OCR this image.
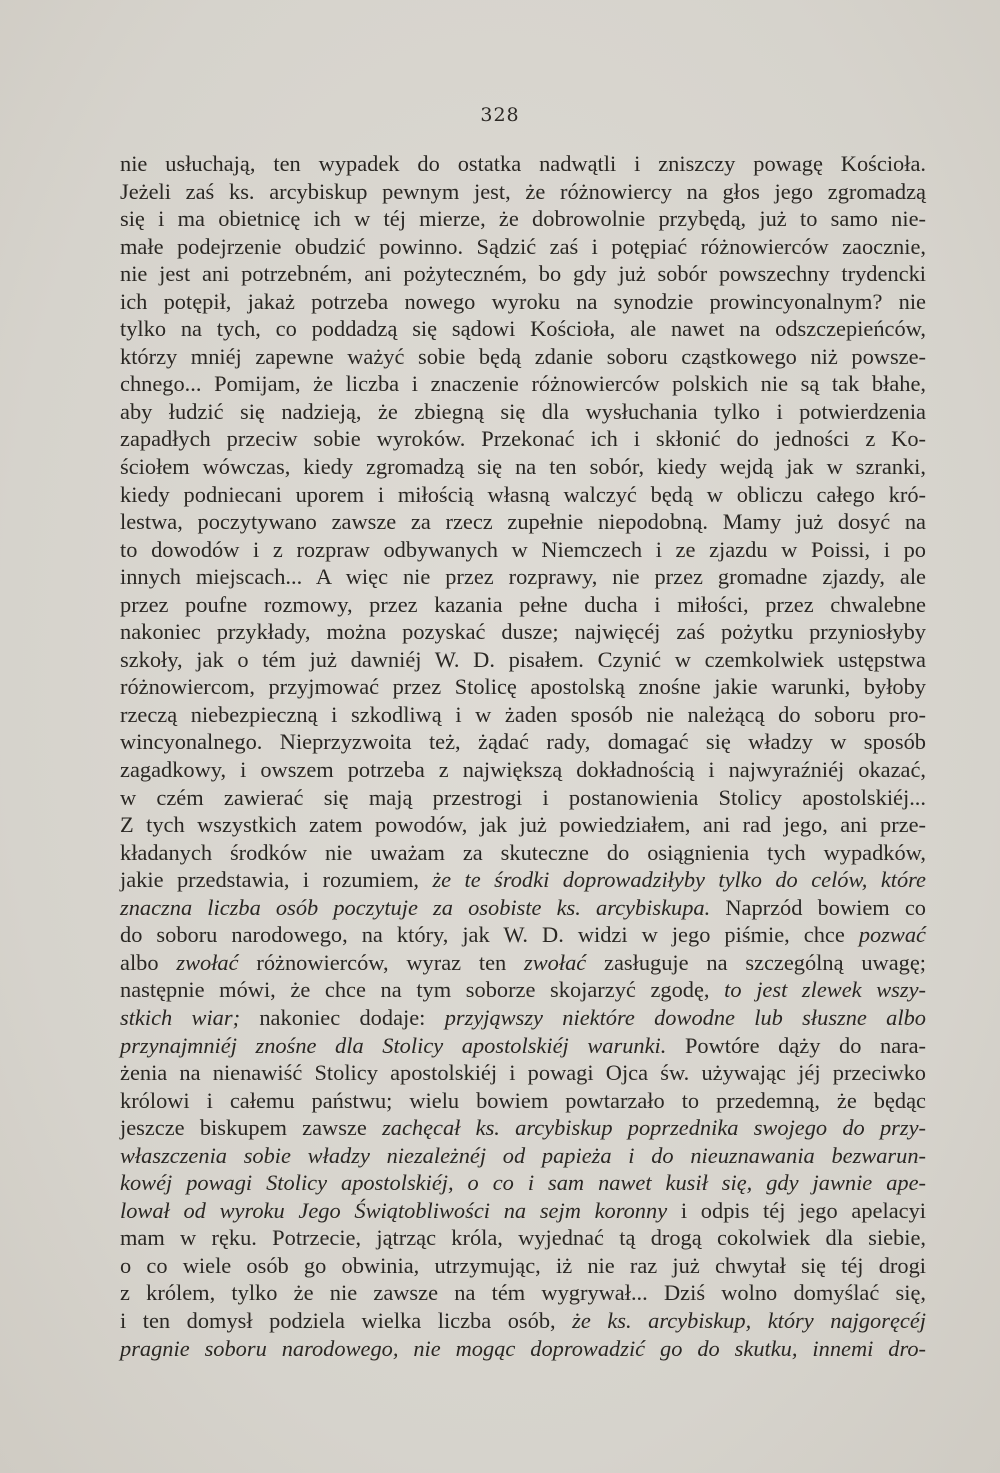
328
nie usłuchają, ten wypadek do ostatka nadwątli i zniszczy powagę Kościoła.
Jeżeli zaś ks. arcybiskup pewnym jest, że różnowiercy na głos jego zgromadzą
się i ma obietnicę ich w téj mierze, że dobrowolnie przybędą, już to samo nie-
małe podejrzenie obudzić powinno. Sądzić zaś i potępiać różnowierców zaocznie,
nie jest ani potrzebném, ani pożyteczném, bo gdy już sobór powszechny trydencki
ich potępił, jakaż potrzeba nowego wyroku na synodzie prowincyonalnym? nie
tylko na tych, co poddadzą się sądowi Kościoła, ale nawet na odszczepieńców,
którzy mniéj zapewne ważyć sobie będą zdanie soboru cząstkowego niż powsze-
chnego... Pomijam, że liczba i znaczenie różnowierców polskich nie są tak błahe,
aby łudzić się nadzieją, że zbiegną się dla wysłuchania tylko i potwierdzenia
zapadłych przeciw sobie wyroków. Przekonać ich i skłonić do jedności z Ko-
ściołem wówczas, kiedy zgromadzą się na ten sobór, kiedy wejdą jak w szranki,
kiedy podniecani uporem i miłością własną walczyć będą w obliczu całego kró-
lestwa, poczytywano zawsze za rzecz zupełnie niepodobną. Mamy już dosyć na
to dowodów i z rozpraw odbywanych w Niemczech i ze zjazdu w Poissi, i po
innych miejscach... A więc nie przez rozprawy, nie przez gromadne zjazdy, ale
przez poufne rozmowy, przez kazania pełne ducha i miłości, przez chwalebne
nakoniec przykłady, można pozyskać dusze; najwięcéj zaś pożytku przyniosłyby
szkoły, jak o tém już dawniéj W. D. pisałem. Czynić w czemkolwiek ustępstwa
różnowiercom, przyjmować przez Stolicę apostolską znośne jakie warunki, byłoby
rzeczą niebezpieczną i szkodliwą i w żaden sposób nie należącą do soboru pro-
wincyonalnego. Nieprzyzwoita też, żądać rady, domagać się władzy w sposób
zagadkowy, i owszem potrzeba z największą dokładnością i najwyraźniéj okazać,
w czém zawierać się mają przestrogi i postanowienia Stolicy apostolskiéj...
Z tych wszystkich zatem powodów, jak już powiedziałem, ani rad jego, ani prze-
kładanych środków nie uważam za skuteczne do osiągnienia tych wypadków,
jakie przedstawia, i rozumiem, że te środki doprowadziłyby tylko do celów, które
znaczna liczba osób poczytuje za osobiste ks. arcybiskupa. Naprzód bowiem co
do soboru narodowego, na który, jak W. D. widzi w jego piśmie, chce pozwać
albo zwołać różnowierców, wyraz ten zwołać zasługuje na szczególną uwagę;
następnie mówi, że chce na tym soborze skojarzyć zgodę, to jest zlewek wszy-
stkich wiar; nakoniec dodaje: przyjąwszy niektóre dowodne lub słuszne albo
przynajmniéj znośne dla Stolicy apostolskiéj warunki. Powtóre dąży do nara-
żenia na nienawiść Stolicy apostolskiéj i powagi Ojca św. używając jéj przeciwko
królowi i całemu państwu; wielu bowiem powtarzało to przedemną, że będąc
jeszcze biskupem zawsze zachęcał ks. arcybiskup poprzednika swojego do przy-
właszczenia sobie władzy niezależnéj od papieża i do nieuznawania bezwarun-
kowéj powagi Stolicy apostolskiéj, o co i sam nawet kusił się, gdy jawnie ape-
lował od wyroku Jego Świątobliwości na sejm koronny i odpis téj jego apelacyi
mam w ręku. Potrzecie, jątrząc króla, wyjednać tą drogą cokolwiek dla siebie,
o co wiele osób go obwinia, utrzymując, iż nie raz już chwytał się téj drogi
z królem, tylko że nie zawsze na tém wygrywał... Dziś wolno domyślać się,
i ten domysł podziela wielka liczba osób, że ks. arcybiskup, który najgoręcéj
pragnie soboru narodowego, nie mogąc doprowadzić go do skutku, innemi dro-
